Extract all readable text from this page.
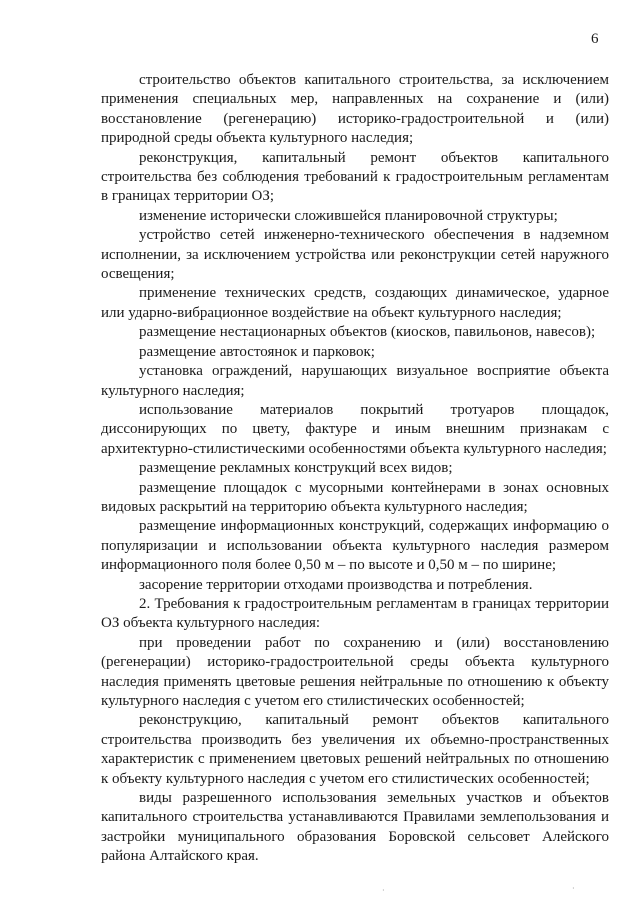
6

строительство объектов капитального строительства, за исключением применения специальных мер, направленных на сохранение и (или) восстановление (регенерацию) историко-градостроительной и (или) природной среды объекта культурного наследия;

реконструкция, капитальный ремонт объектов капитального строительства без соблюдения требований к градостроительным регламентам в границах территории ОЗ;

изменение исторически сложившейся планировочной структуры;

устройство сетей инженерно-технического обеспечения в надземном исполнении, за исключением устройства или реконструкции сетей наружного освещения;

применение технических средств, создающих динамическое, ударное или ударно-вибрационное воздействие на объект культурного наследия;

размещение нестационарных объектов (киосков, павильонов, навесов);

размещение автостоянок и парковок;

установка ограждений, нарушающих визуальное восприятие объекта культурного наследия;

использование материалов покрытий тротуаров площадок, диссонирующих по цвету, фактуре и иным внешним признакам с архитектурно-стилистическими особенностями объекта культурного наследия;

размещение рекламных конструкций всех видов;

размещение площадок с мусорными контейнерами в зонах основных видовых раскрытий на территорию объекта культурного наследия;

размещение информационных конструкций, содержащих информацию о популяризации и использовании объекта культурного наследия размером информационного поля более 0,50 м – по высоте и 0,50 м – по ширине;

засорение территории отходами производства и потребления.

2. Требования к градостроительным регламентам в границах территории ОЗ объекта культурного наследия:

при проведении работ по сохранению и (или) восстановлению (регенерации) историко-градостроительной среды объекта культурного наследия применять цветовые решения нейтральные по отношению к объекту культурного наследия с учетом его стилистических особенностей;

реконструкцию, капитальный ремонт объектов капитального строительства производить без увеличения их объемно-пространственных характеристик с применением цветовых решений нейтральных по отношению к объекту культурного наследия с учетом его стилистических особенностей;

виды разрешенного использования земельных участков и объектов капитального строительства устанавливаются Правилами землепользования и застройки муниципального образования Боровской сельсовет Алейского района Алтайского края.

·	·
